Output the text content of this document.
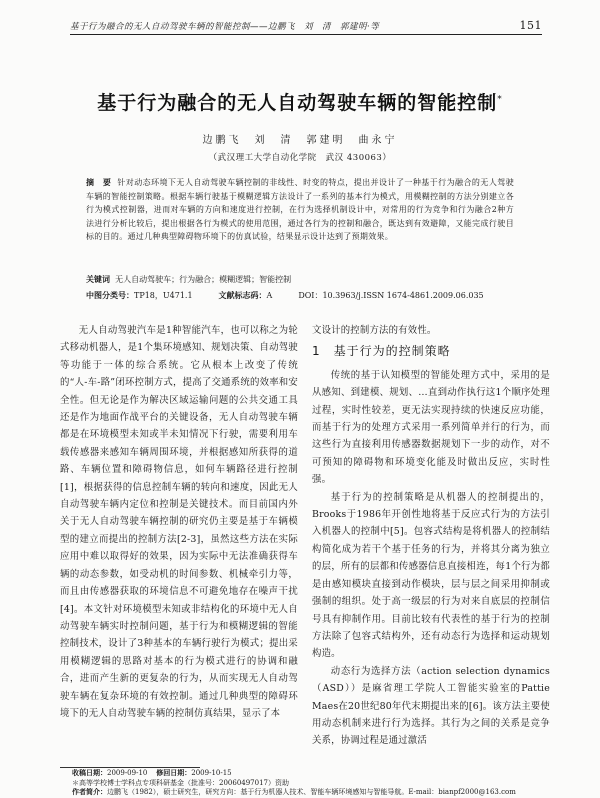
基于行为融合的无人自动驾驶车辆的智能控制——边鹏飞　刘　清　郭建明·等	151
基于行为融合的无人自动驾驶车辆的智能控制*
边鹏飞　刘　清　郭建明　曲永宁
（武汉理工大学自动化学院　武汉 430063）
摘　要 针对动态环境下无人自动驾驶车辆控制的非线性、时变的特点，提出并设计了一种基于行为融合的无人驾驶车辆的智能控制策略。根据车辆行驶基于模糊逻辑方法设计了一系列的基本行为模式，用模糊控制的方法分别建立各行为模式控制器，进而对车辆的方向和速度进行控制，在行为选择机制设计中，对常用的行为竞争和行为融合2种方法进行分析比较后，提出根据各行为模式的使用范围，通过各行为的控制和融合，既达到有效避障，又能完成行驶目标的目的。通过几种典型障碍物环境下的仿真试验，结果显示设计达到了预期效果。
关键词 无人自动驾驶车；行为融合；模糊逻辑；智能控制
中图分类号：TP18，U471.1	文献标志码：A	DOI：10.3963/j.ISSN 1674-4861.2009.06.035

无人自动驾驶汽车是1种智能汽车，也可以称之为轮式移动机器人，是1个集环境感知、规划决策、自动驾驶等功能于一体的综合系统。它从根本上改变了传统的“人-车-路”闭环控制方式，提高了交通系统的效率和安全性。但无论是作为解决区域运输问题的公共交通工具还是作为地面作战平台的关键设备，无人自动驾驶车辆都是在环境模型未知或半未知情况下行驶，需要利用车载传感器来感知车辆周围环境，并根据感知所获得的道路、车辆位置和障碍物信息，如何车辆路径进行控制[1]，根据获得的信息控制车辆的转向和速度，因此无人自动驾驶车辆内定位和控制是关键技术。而目前国内外关于无人自动驾驶车辆控制的研究仍主要是基于车辆模型的建立而提出的控制方法[2-3]，虽然这些方法在实际应用中难以取得好的效果，因为实际中无法准确获得车辆的动态参数，如受动机的时间参数、机械牵引力等，而且由传感器获取的环境信息不可避免地存在噪声干扰[4]。本文针对环境模型未知或非结构化的环境中无人自动驾驶车辆实时控制问题，基于行为和模糊逻辑的智能控制技术，设计了3种基本的车辆行驶行为模式；提出采用模糊逻辑的思路对基本的行为模式进行的协调和融合，进而产生新的更复杂的行为，从而实现无人自动驾驶车辆在复杂环境的有效控制。通过几种典型的障碍环境下的无人自动驾驶车辆的控制仿真结果，显示了本

文设计的控制方法的有效性。

1　基于行为的控制策略

传统的基于认知模型的智能处理方式中，采用的是从感知、到建模、规划、…直到动作执行这1个顺序处理过程，实时性较差，更无法实现持续的快速反应功能，而基于行为的处理方式采用一系列简单并行的行为，而这些行为直接利用传感器数据规划下一步的动作，对不可预知的障碍物和环境变化能及时做出反应，实时性强。

基于行为的控制策略是从机器人的控制提出的，Brooks于1986年开创性地将基于反应式行为的方法引入机器人的控制中[5]。包容式结构是将机器人的控制结构简化成为若干个基于任务的行为，并将其分离为独立的层，所有的层都和传感器信息直接相连，每1个行为都是由感知模块直接到动作模块，层与层之间采用抑制或强制的组织。处于高一级层的行为对来自底层的控制信号具有抑制作用。目前比较有代表性的基于行为的控制方法除了包容式结构外，还有动态行为选择和运动规划构造。

动态行为选择方法（action selection dynamics（ASD））是麻省理工学院人工智能实验室的Pattie Maes在20世纪80年代末期提出来的[6]。该方法主要使用动态机制来进行行为选择。其行为之间的关系是竞争关系，协调过程是通过激活

收稿日期：2009-09-10 修回日期：2009-10-15
＊高等学校博士学科点专项科研基金（批准号：20060497017）资助
作者简介：边鹏飞（1982），硕士研究生，研究方向：基于行为机器人技术、智能车辆环境感知与智能导航。E-mail：bianpf2000@163.com
